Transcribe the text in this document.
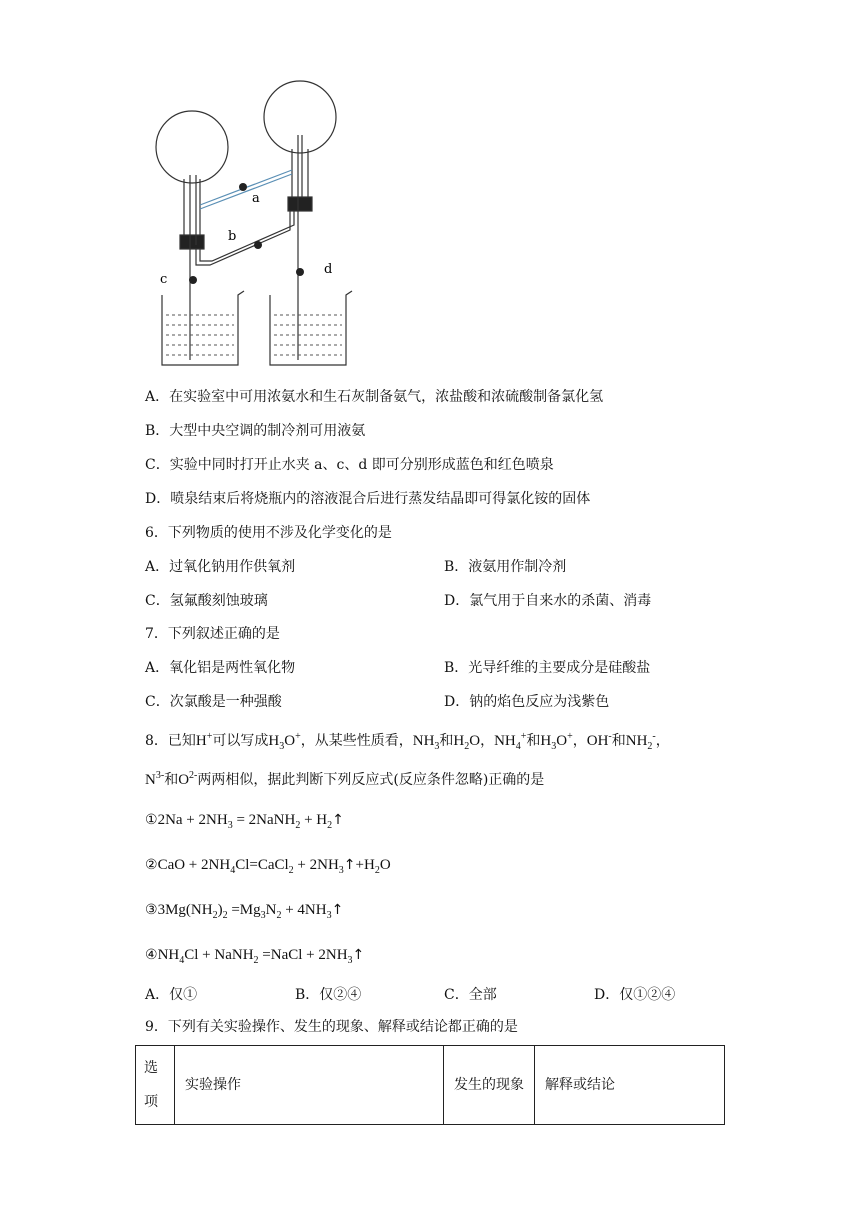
a
b
c
d
A．在实验室中可用浓氨水和生石灰制备氨气，浓盐酸和浓硫酸制备氯化氢
B．大型中央空调的制冷剂可用液氨
C．实验中同时打开止水夹 a、c、d 即可分别形成蓝色和红色喷泉
D．喷泉结束后将烧瓶内的溶液混合后进行蒸发结晶即可得氯化铵的固体
6．下列物质的使用不涉及化学变化的是
A．过氧化钠用作供氧剂	B．液氨用作制冷剂
C．氢氟酸刻蚀玻璃	D．氯气用于自来水的杀菌、消毒
7．下列叙述正确的是
A．氧化铝是两性氧化物	B．光导纤维的主要成分是硅酸盐
C．次氯酸是一种强酸	D．钠的焰色反应为浅紫色
8．已知H+可以写成$H_3O^+$，从某些性质看，$NH_3$和$H_2O$，$NH_4^+$和$H_3O^+$，OH-和$NH_2^-$，
$N^{3-}$和$O^{2-}$两两相似，据此判断下列反应式(反应条件忽略)正确的是
①2Na + $2NH_3$ = 2NaNH$_2$ + $H_2↑$
②CaO + $2NH_4Cl=CaCl_2$ + $2NH_3↑+H_2O$
$③3Mg(NH_2)_2 =Mg_3N_2$ + $4NH_3↑$
$④NH_4Cl$ + NaNH$_2$ =NaCl + $2NH_3↑$
A．仅①	B．仅②④	C．全部	D．仅①②④
9．下列有关实验操作、发生的现象、解释或结论都正确的是
选项	实验操作	发生的现象	解释或结论
